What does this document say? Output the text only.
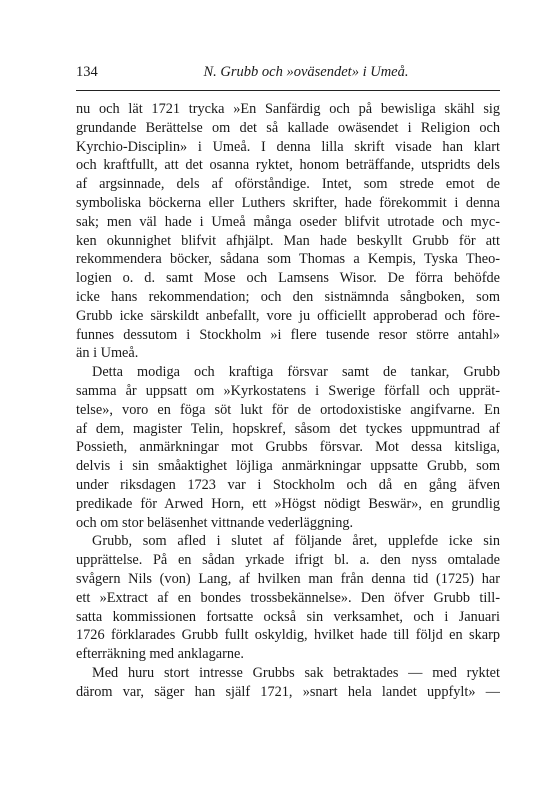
134	N. Grubb och »oväsendet» i Umeå.
nu och lät 1721 trycka »En Sanfärdig och på bewisliga skähl sig
grundande Berättelse om det så kallade owäsendet i Religion och
Kyrchio-Disciplin» i Umeå. I denna lilla skrift visade han klart
och kraftfullt, att det osanna ryktet, honom beträffande, utspridts dels
af argsinnade, dels af oförståndige. Intet, som strede emot de
symboliska böckerna eller Luthers skrifter, hade förekommit i denna
sak; men väl hade i Umeå många oseder blifvit utrotade och myc-
ken okunnighet blifvit afhjälpt. Man hade beskyllt Grubb för att
rekommendera böcker, sådana som Thomas a Kempis, Tyska Theo-
logien o. d. samt Mose och Lamsens Wisor. De förra behöfde
icke hans rekommendation; och den sistnämnda sångboken, som
Grubb icke särskildt anbefallt, vore ju officiellt approberad och före-
funnes dessutom i Stockholm »i flere tusende resor större antahl»
än i Umeå.
Detta modiga och kraftiga försvar samt de tankar, Grubb
samma år uppsatt om »Kyrkostatens i Swerige förfall och upprät-
telse», voro en föga söt lukt för de ortodoxistiske angifvarne. En
af dem, magister Telin, hopskref, såsom det tyckes uppmuntrad af
Possieth, anmärkningar mot Grubbs försvar. Mot dessa kitsliga,
delvis i sin småaktighet löjliga anmärkningar uppsatte Grubb, som
under riksdagen 1723 var i Stockholm och då en gång äfven
predikade för Arwed Horn, ett »Högst nödigt Beswär», en grundlig
och om stor beläsenhet vittnande vederläggning.
Grubb, som afled i slutet af följande året, upplefde icke sin
upprättelse. På en sådan yrkade ifrigt bl. a. den nyss omtalade
svågern Nils (von) Lang, af hvilken man från denna tid (1725) har
ett »Extract af en bondes trossbekännelse». Den öfver Grubb till-
satta kommissionen fortsatte också sin verksamhet, och i Januari
1726 förklarades Grubb fullt oskyldig, hvilket hade till följd en skarp
efterräkning med anklagarne.
Med huru stort intresse Grubbs sak betraktades — med ryktet
därom var, säger han själf 1721, »snart hela landet uppfylt» —
